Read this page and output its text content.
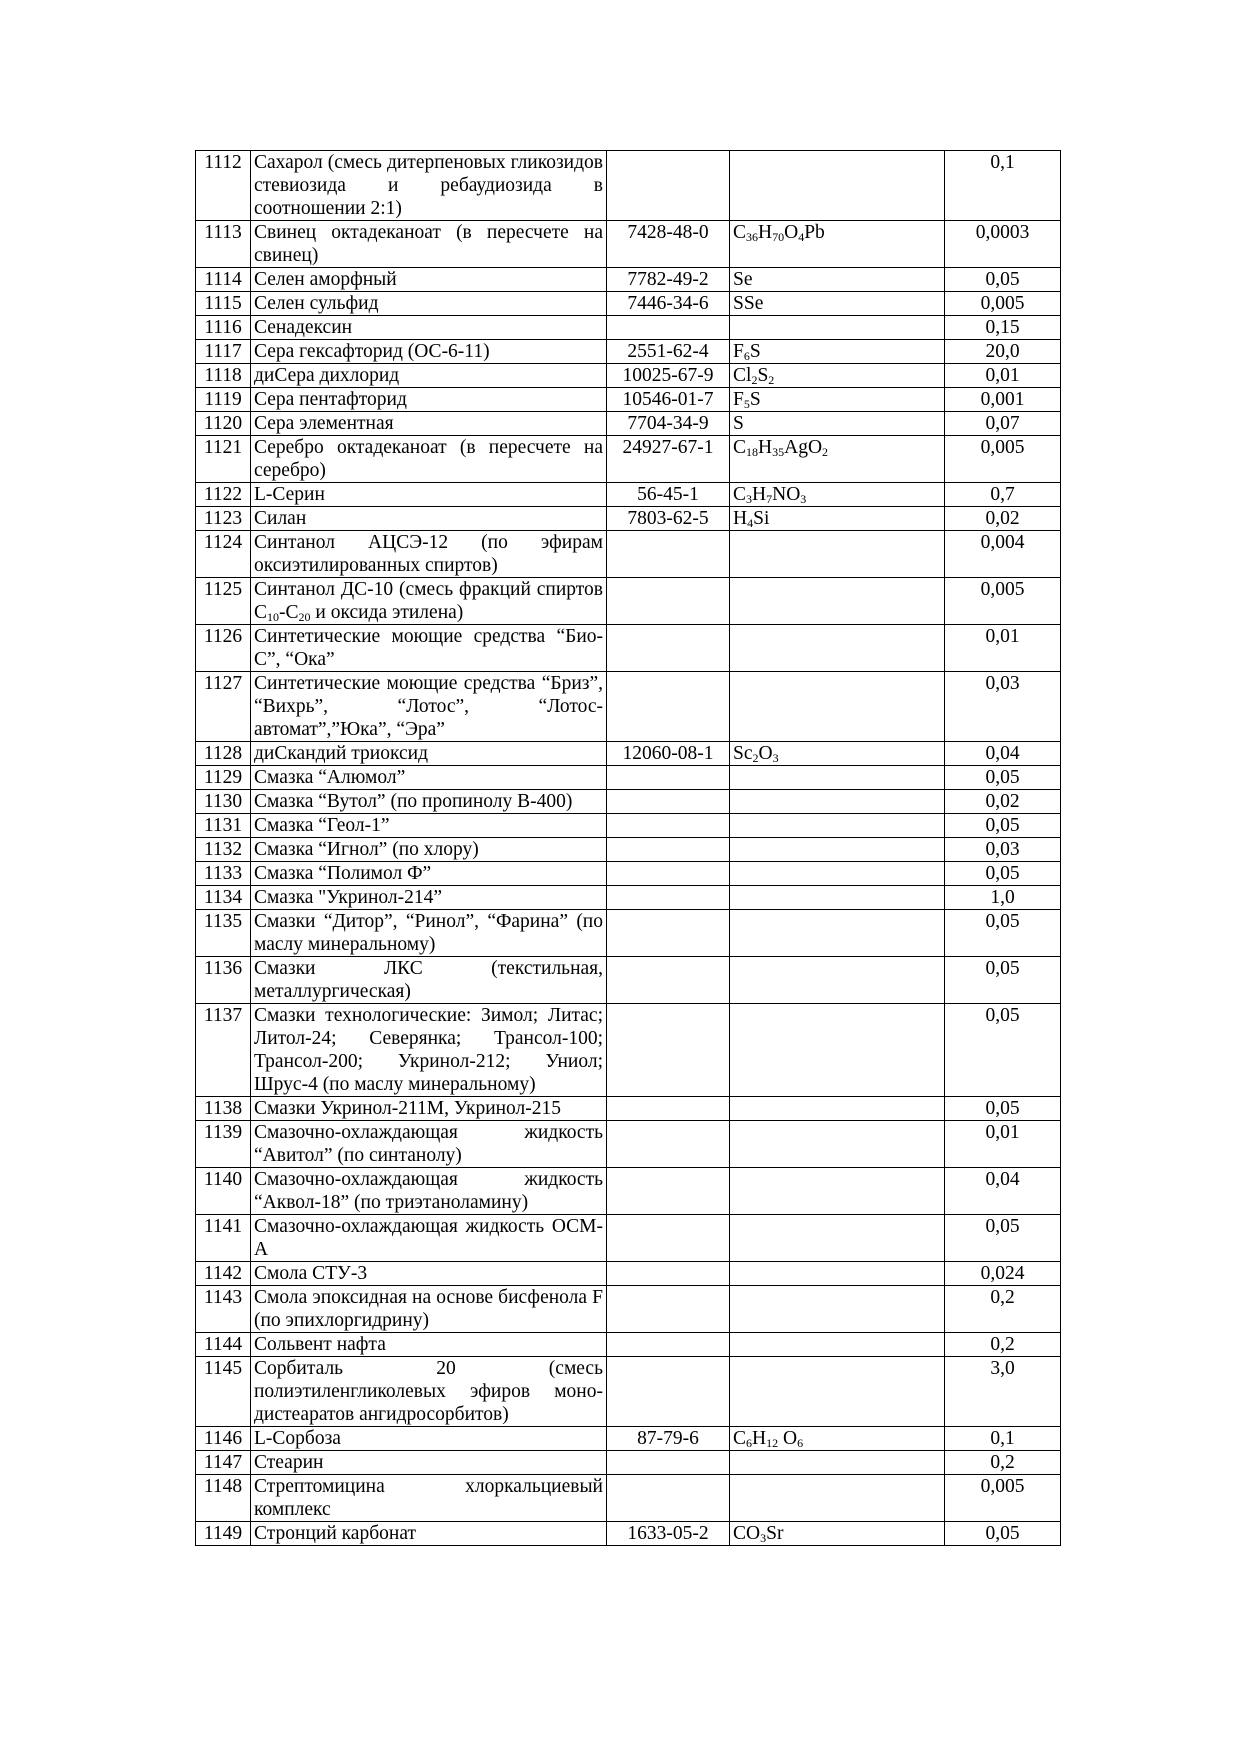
1112	Сахарол (смесь дитерпеновых гликозидов стевиозида и ребаудиозида в соотношении 2:1)			0,1
1113	Свинец октадеканоат (в пересчете на свинец)	7428-48-0	$C_{36}H_{70}O_4Pb$	0,0003
1114	Селен аморфный	7782-49-2	Se	0,05
1115	Селен сульфид	7446-34-6	SSe	0,005
1116	Сенадексин			0,15
1117	Сера гексафторид (ОС-6-11)	2551-62-4	$F_6S$	20,0
1118	диСера дихлорид	10025-67-9	$Cl_2S_2$	0,01
1119	Сера пентафторид	10546-01-7	$F_5S$	0,001
1120	Сера элементная	7704-34-9	S	0,07
1121	Серебро октадеканоат (в пересчете на серебро)	24927-67-1	$C_{18}H_{35}AgO_2$	0,005
1122	L-Серин	56-45-1	$C_3H_7NO_3$	0,7
1123	Силан	7803-62-5	$H_4Si$	0,02
1124	Синтанол АЦСЭ-12 (по эфирам оксиэтилированных спиртов)			0,004
1125	Синтанол ДС-10 (смесь фракций спиртов $С_{10}-С_{20}$ и оксида этилена)			0,005
1126	Синтетические моющие средства “Био-С”, “Ока”			0,01
1127	Синтетические моющие средства “Бриз”, “Вихрь”, “Лотос”, “Лотос-автомат”,”Юка”, “Эра”			0,03
1128	диСкандий триоксид	12060-08-1	$Sc_2O_3$	0,04
1129	Смазка “Алюмол”			0,05
1130	Смазка “Вутол” (по пропинолу В-400)			0,02
1131	Смазка “Геол-1”			0,05
1132	Смазка “Игнол” (по хлору)			0,03
1133	Смазка “Полимол Ф”			0,05
1134	Смазка "Укринол-214”			1,0
1135	Смазки “Дитор”, “Ринол”, “Фарина” (по маслу минеральному)			0,05
1136	Смазки ЛКС (текстильная, металлургическая)			0,05
1137	Смазки технологические: Зимол; Литас; Литол-24; Северянка; Трансол-100; Трансол-200; Укринол-212; Униол; Шрус-4 (по маслу минеральному)			0,05
1138	Смазки Укринол-211М, Укринол-215			0,05
1139	Смазочно-охлаждающая жидкость “Авитол” (по синтанолу)			0,01
1140	Смазочно-охлаждающая жидкость “Аквол-18” (по триэтаноламину)			0,04
1141	Смазочно-охлаждающая жидкость ОСМ-А			0,05
1142	Смола СТУ-3			0,024
1143	Смола эпоксидная на основе бисфенола F (по эпихлоргидрину)			0,2
1144	Сольвент нафта			0,2
1145	Сорбиталь 20 (смесь полиэтиленгликолевых эфиров моно-дистеаратов ангидросорбитов)			3,0
1146	L-Сорбоза	87-79-6	$C_6H_{12}$ $O_6$	0,1
1147	Стеарин			0,2
1148	Стрептомицина хлоркальциевый комплекс			0,005
1149	Стронций карбонат	1633-05-2	$CO_3Sr$	0,05
